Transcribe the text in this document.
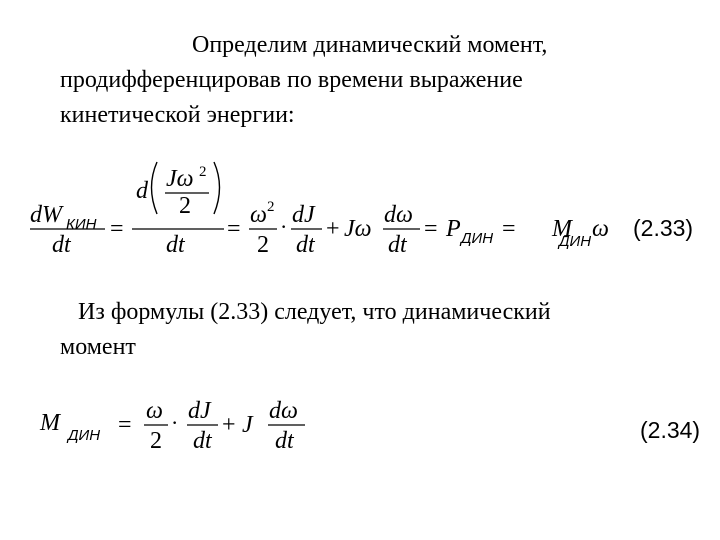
Определим динамический момент,
продифференцировав по времени выражение
кинетической энергии:
Из формулы (2.33) следует, что динамический
момент
dW КИН
dt
=
d Jω 2
2
dt
=
ω 2
2
· dJ
dt
+ Jω
dω
dt
= P ДИН = M
ДИН ω (2.33)
M ДИН =
ω
2
· dJ
dt
+ J
dω
dt	(2.34)
